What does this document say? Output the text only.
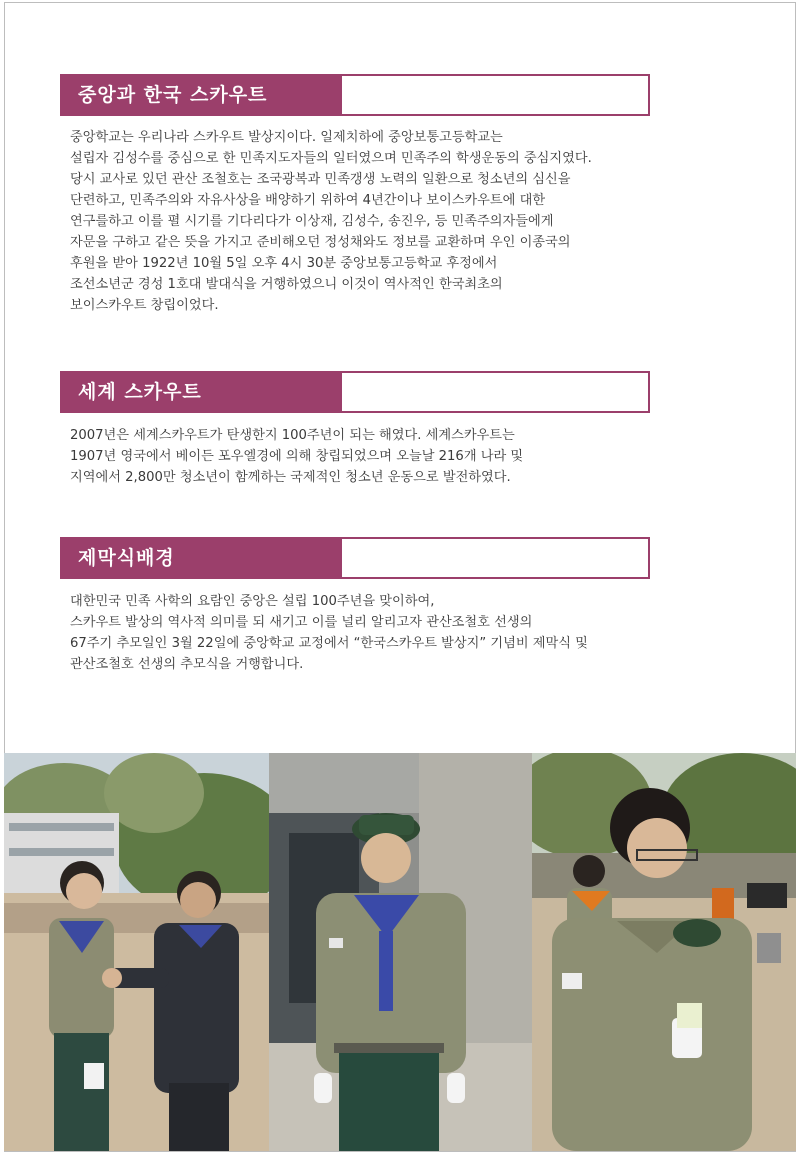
중앙과 한국 스카우트

중앙학교는 우리나라 스카우트 발상지이다. 일제치하에 중앙보통고등학교는

설립자 김성수를 중심으로 한 민족지도자들의 일터였으며 민족주의 학생운동의 중심지였다.

당시 교사로 있던 관산 조철호는 조국광복과 민족갱생 노력의 일환으로 청소년의 심신을

단련하고, 민족주의와 자유사상을 배양하기 위하여 4년간이나 보이스카우트에 대한

연구를하고 이를 펼 시기를 기다리다가 이상재, 김성수, 송진우, 등 민족주의자들에게

자문을 구하고 같은 뜻을 가지고 준비해오던 정성채와도 정보를 교환하며 우인 이종국의

후원을 받아 1922년 10월 5일 오후 4시 30분 중앙보통고등학교 후정에서

조선소년군 경성 1호대 발대식을 거행하였으니 이것이 역사적인 한국최초의

보이스카우트 창립이었다.

세계 스카우트

2007년은 세계스카우트가 탄생한지 100주년이 되는 해였다. 세계스카우트는

1907년 영국에서 베이든 포우엘경에 의해 창립되었으며 오늘날 216개 나라 및

지역에서 2,800만 청소년이 함께하는 국제적인 청소년 운동으로 발전하였다.

제막식배경

대한민국 민족 사학의 요람인 중앙은 설립 100주년을 맞이하여,

스카우트 발상의 역사적 의미를 되 새기고 이를 널리 알리고자 관산조철호 선생의

67주기 추모일인 3월 22일에 중앙학교 교정에서 “한국스카우트 발상지” 기념비 제막식 및

관산조철호 선생의 추모식을 거행합니다.
